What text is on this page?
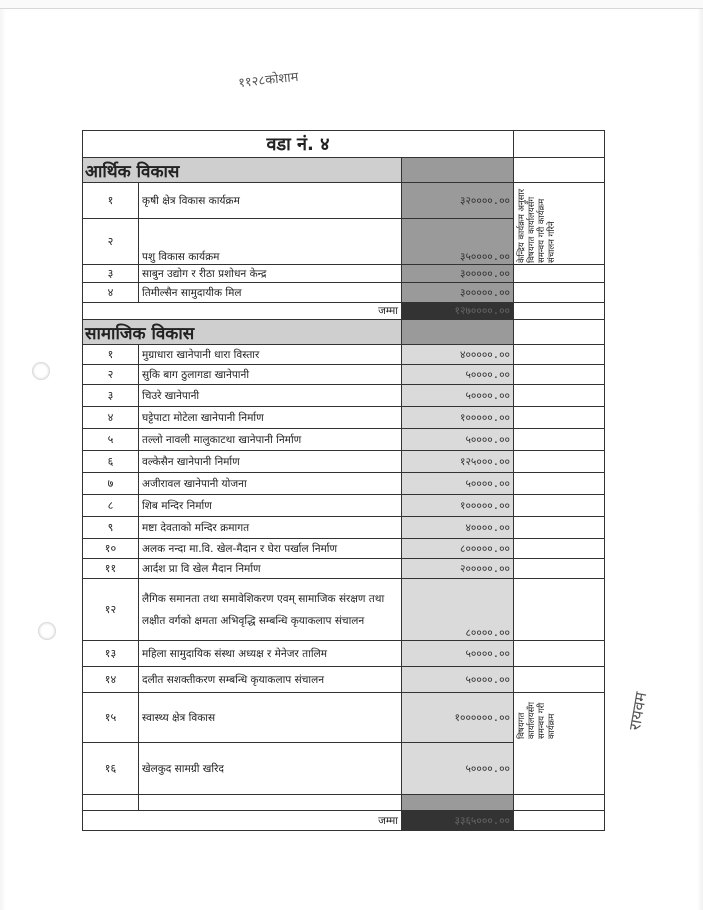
११२८कोशाम
रायवम
वडा नं. ४			
आर्थिक विकास			
१	कृषी क्षेत्र विकास कार्यक्रम	३२००००.००	केन्द्रिय कार्यक्रम अनुसार विषयगत कार्यालयसँग समन्वय गरी कार्यक्रम संचालन गरिने

२	पशु विकास कार्यक्रम	३५००००.००	
३	साबुन उद्योग र रीठा प्रशोधन केन्द्र	३०००००.००	
४	तिमील्सैन सामुदायीक मिल	३०००००.००	
जम्मा		१२७००००.००	
सामाजिक विकास			
१	मुग्राधारा खानेपानी धारा विस्तार	४०००००.००	
२	सुकि बाग ठुलागडा खानेपानी	५००००.००	
३	चिउरे खानेपानी	५००००.००	
४	घट्टेपाटा मोटेला खानेपानी निर्माण	१०००००.००	
५	तल्लो नावली मालुकाटथा खानेपानी निर्माण	५००००.००	
६	वल्केसैन खानेपानी निर्माण	१२५०००.००	
७	अजीरावल खानेपानी योजना	५००००.००	
८	शिब मन्दिर निर्माण	१०००००.००	
९	मष्टा देवताको मन्दिर क्रमागत	४००००.००	
१०	अलक नन्दा मा.वि. खेल-मैदान र घेरा पर्खाल निर्माण	८०००००.००	
११	आर्दश प्रा वि खेल मैदान निर्माण	२०००००.००	
१२	लैगिक समानता तथा समावेशिकरण एवम् सामाजिक संरक्षण तथा लक्षीत वर्गको क्षमता अभिवृद्धि सम्बन्धि कृयाकलाप संचालन	८००००.००	
१३	महिला सामुदायिक संस्था अध्यक्ष र मेनेजर तालिम	५००००.००	
१४	दलीत सशक्तीकरण सम्बन्धि कृयाकलाप संचालन	५००००.००	
१५	स्वास्थ्य क्षेत्र विकास	१००००००.००	विषयगत कार्यालयसँग समन्वय गरी कार्यक्रम

१६	खेलकुद सामग्री खरिद	५००००.००	

जम्मा		३३६५०००.००	
